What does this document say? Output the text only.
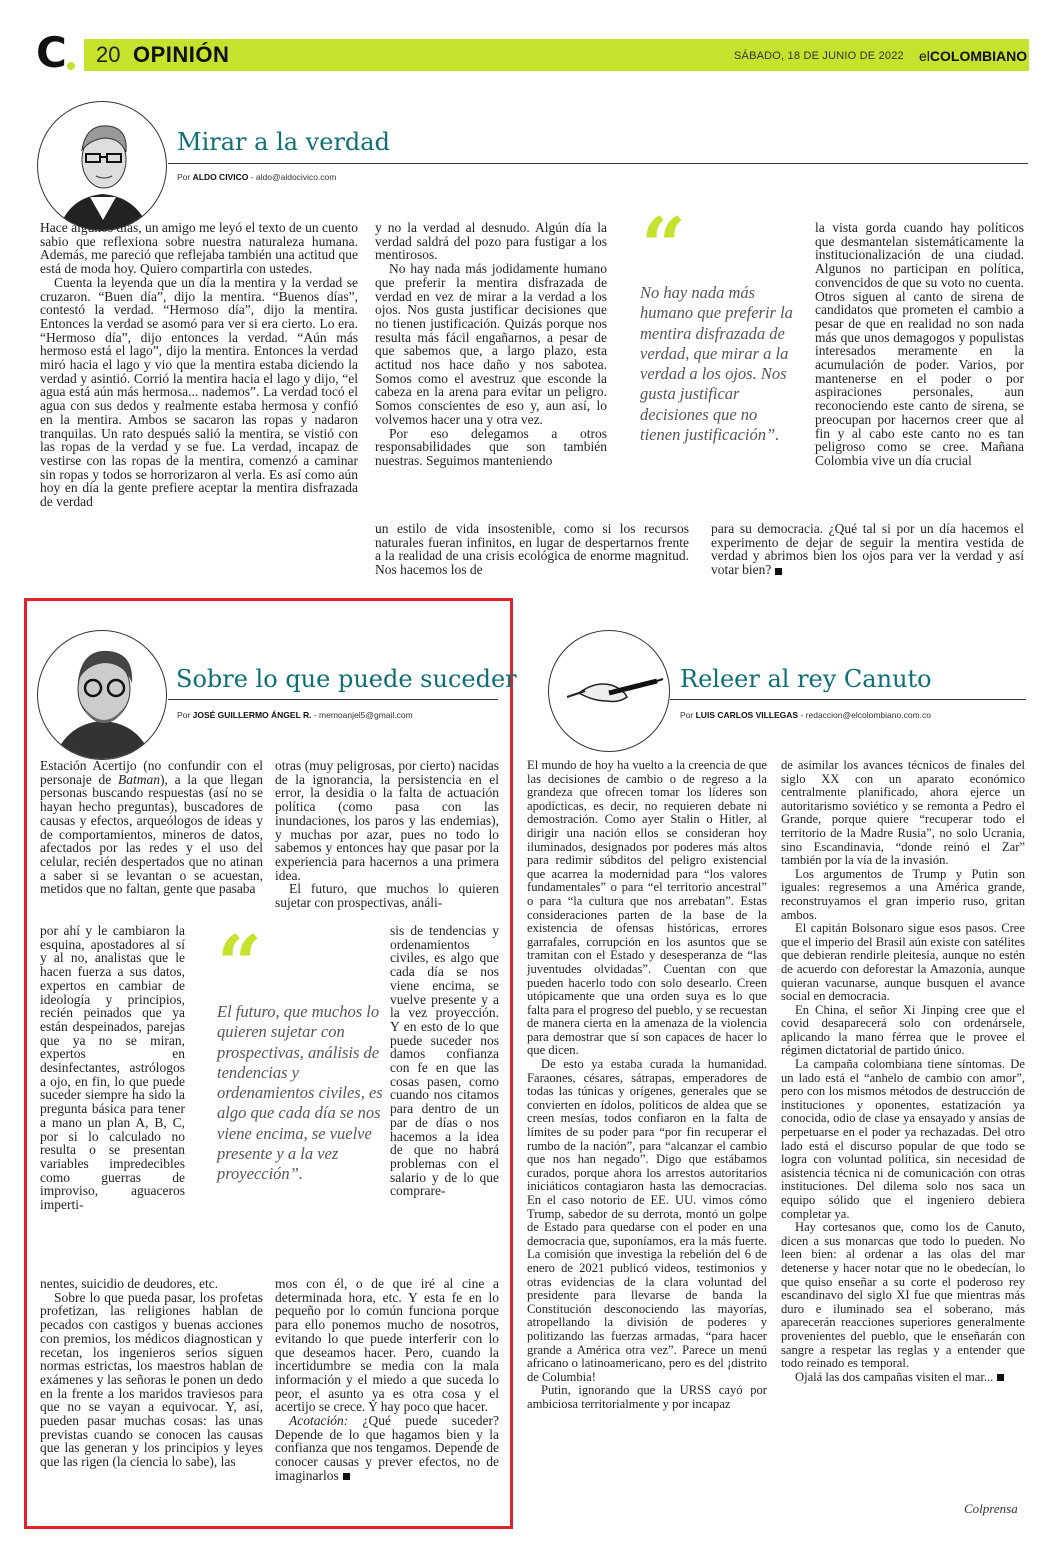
C 20 OPINIÓN	SÁBADO, 18 DE JUNIO DE 2022 elCOLOMBIANO
Mirar a la verdad
Por ALDO CIVICO - aldo@aldocivico.com

Hace algunos días, un amigo me leyó el texto de un cuento sabio que reflexiona sobre nuestra naturaleza humana. Además, me pareció que reflejaba también una actitud que está de moda hoy. Quiero compartirla con ustedes.

Cuenta la leyenda que un día la mentira y la verdad se cruzaron. “Buen día”, dijo la mentira. “Buenos días”, contestó la verdad. “Hermoso día”, dijo la mentira. Entonces la verdad se asomó para ver si era cierto. Lo era. “Hermoso día”, dijo entonces la verdad. “Aún más hermoso está el lago”, dijo la mentira. Entonces la verdad miró hacia el lago y vio que la mentira estaba diciendo la verdad y asintió. Corrió la mentira hacia el lago y dijo, “el agua está aún más hermosa... nademos”. La verdad tocó el agua con sus dedos y realmente estaba hermosa y confió en la mentira. Ambos se sacaron las ropas y nadaron tranquilas. Un rato después salió la mentira, se vistió con las ropas de la verdad y se fue. La verdad, incapaz de vestirse con las ropas de la mentira, comenzó a caminar sin ropas y todos se horrorizaron al verla. Es así como aún hoy en día la gente prefiere aceptar la mentira disfrazada de verdad

y no la verdad al desnudo. Algún día la verdad saldrá del pozo para fustigar a los mentirosos.

No hay nada más jodidamente humano que preferir la mentira disfrazada de verdad en vez de mirar a la verdad a los ojos. Nos gusta justificar decisiones que no tienen justificación. Quizás porque nos resulta más fácil engañarnos, a pesar de que sabemos que, a largo plazo, esta actitud nos hace daño y nos sabotea. Somos como el avestruz que esconde la cabeza en la arena para evitar un peligro. Somos conscientes de eso y, aun así, lo volvemos hacer una y otra vez.

Por eso delegamos a otros responsabilidades que son también nuestras. Seguimos manteniendo

un estilo de vida insostenible, como si los recursos naturales fueran infinitos, en lugar de despertarnos frente a la realidad de una crisis ecológica de enorme magnitud. Nos hacemos los de

“
No hay nada más humano que preferir la mentira disfrazada de verdad, que mirar a la verdad a los ojos. Nos gusta justificar decisiones que no tienen justificación”.

la vista gorda cuando hay políticos que desmantelan sistemáticamente la institucionalización de una ciudad. Algunos no participan en política, convencidos de que su voto no cuenta. Otros siguen al canto de sirena de candidatos que prometen el cambio a pesar de que en realidad no son nada más que unos demagogos y populistas interesados meramente en la acumulación de poder. Varios, por mantenerse en el poder o por aspiraciones personales, aun reconociendo este canto de sirena, se preocupan por hacernos creer que al fin y al cabo este canto no es tan peligroso como se cree. Mañana Colombia vive un día crucial

para su democracia. ¿Qué tal si por un día hacemos el experimento de dejar de seguir la mentira vestida de verdad y abrimos bien los ojos para ver la verdad y así votar bien?

Sobre lo que puede suceder
Por JOSÉ GUILLERMO ÁNGEL R. - memoanjel5@gmail.com

Estación Acertijo (no confundir con el personaje de Batman), a la que llegan personas buscando respuestas (así no se hayan hecho preguntas), buscadores de causas y efectos, arqueólogos de ideas y de comportamientos, mineros de datos, afectados por las redes y el uso del celular, recién despertados que no atinan a saber si se levantan o se acuestan, metidos que no faltan, gente que pasaba

por ahí y le cambiaron la esquina, apostadores al sí y al no, analistas que le hacen fuerza a sus datos, expertos en cambiar de ideología y principios, recién peinados que ya están despeinados, parejas que ya no se miran, expertos en desinfectantes, astrólogos a ojo, en fin, lo que puede suceder siempre ha sido la pregunta básica para tener a mano un plan A, B, C, por si lo calculado no resulta o se presentan variables impredecibles como guerras de improviso, aguaceros imperti-

nentes, suicidio de deudores, etc.

Sobre lo que pueda pasar, los profetas profetizan, las religiones hablan de pecados con castigos y buenas acciones con premios, los médicos diagnostican y recetan, los ingenieros serios siguen normas estrictas, los maestros hablan de exámenes y las señoras le ponen un dedo en la frente a los maridos traviesos para que no se vayan a equivocar. Y, así, pueden pasar muchas cosas: las unas previstas cuando se conocen las causas que las generan y los principios y leyes que las rigen (la ciencia lo sabe), las

otras (muy peligrosas, por cierto) nacidas de la ignorancia, la persistencia en el error, la desidia o la falta de actuación política (como pasa con las inundaciones, los paros y las endemias), y muchas por azar, pues no todo lo sabemos y entonces hay que pasar por la experiencia para hacernos a una primera idea.

El futuro, que muchos lo quieren sujetar con prospectivas, análi-

sis de tendencias y ordenamientos civiles, es algo que cada día se nos viene encima, se vuelve presente y a la vez proyección. Y en esto de lo que puede suceder nos damos confianza con fe en que las cosas pasen, como cuando nos citamos para dentro de un par de días o nos hacemos a la idea de que no habrá problemas con el salario y de lo que comprare-

mos con él, o de que iré al cine a determinada hora, etc. Y esta fe en lo pequeño por lo común funciona porque para ello ponemos mucho de nosotros, evitando lo que puede interferir con lo que deseamos hacer. Pero, cuando la incertidumbre se media con la mala información y el miedo a que suceda lo peor, el asunto ya es otra cosa y el acertijo se crece. Y hay poco que hacer.

Acotación: ¿Qué puede suceder? Depende de lo que hagamos bien y la confianza que nos tengamos. Depende de conocer causas y prever efectos, no de imaginarlos

“
El futuro, que muchos lo quieren sujetar con prospectivas, análisis de tendencias y ordenamientos civiles, es algo que cada día se nos viene encima, se vuelve presente y a la vez proyección”.
Releer al rey Canuto
Por LUIS CARLOS VILLEGAS - redaccion@elcolombiano.com.co

El mundo de hoy ha vuelto a la creencia de que las decisiones de cambio o de regreso a la grandeza que ofrecen tomar los líderes son apodícticas, es decir, no requieren debate ni demostración. Como ayer Stalin o Hitler, al dirigir una nación ellos se consideran hoy iluminados, designados por poderes más altos para redimir súbditos del peligro existencial que acarrea la modernidad para “los valores fundamentales” o para “el territorio ancestral” o para “la cultura que nos arrebatan”. Estas consideraciones parten de la base de la existencia de ofensas históricas, errores garrafales, corrupción en los asuntos que se tramitan con el Estado y desesperanza de “las juventudes olvidadas”. Cuentan con que pueden hacerlo todo con solo desearlo. Creen utópicamente que una orden suya es lo que falta para el progreso del pueblo, y se recuestan de manera cierta en la amenaza de la violencia para demostrar que sí son capaces de hacer lo que dicen.

De esto ya estaba curada la humanidad. Faraones, césares, sátrapas, emperadores de todas las túnicas y orígenes, generales que se convierten en ídolos, políticos de aldea que se creen mesías, todos confiaron en la falta de límites de su poder para “por fin recuperar el rumbo de la nación”, para “alcanzar el cambio que nos han negado”. Digo que estábamos curados, porque ahora los arrestos autoritarios iniciáticos contagiaron hasta las democracias. En el caso notorio de EE. UU. vimos cómo Trump, sabedor de su derrota, montó un golpe de Estado para quedarse con el poder en una democracia que, suponíamos, era la más fuerte. La comisión que investiga la rebelión del 6 de enero de 2021 publicó videos, testimonios y otras evidencias de la clara voluntad del presidente para llevarse de banda la Constitución desconociendo las mayorías, atropellando la división de poderes y politizando las fuerzas armadas, “para hacer grande a América otra vez”. Parece un menú africano o latinoamericano, pero es del ¡distrito de Columbia!

Putin, ignorando que la URSS cayó por ambiciosa territorialmente y por incapaz

de asimilar los avances técnicos de finales del siglo XX con un aparato económico centralmente planificado, ahora ejerce un autoritarismo soviético y se remonta a Pedro el Grande, porque quiere “recuperar todo el territorio de la Madre Rusia”, no solo Ucrania, sino Escandinavia, “donde reinó el Zar” también por la vía de la invasión.

Los argumentos de Trump y Putin son iguales: regresemos a una América grande, reconstruyamos el gran imperio ruso, gritan ambos.

El capitán Bolsonaro sigue esos pasos. Cree que el imperio del Brasil aún existe con satélites que debieran rendirle pleitesía, aunque no estén de acuerdo con deforestar la Amazonía, aunque quieran vacunarse, aunque busquen el avance social en democracia.

En China, el señor Xi Jinping cree que el covid desaparecerá solo con ordenársele, aplicando la mano férrea que le provee el régimen dictatorial de partido único.

La campaña colombiana tiene síntomas. De un lado está el “anhelo de cambio con amor”, pero con los mismos métodos de destrucción de instituciones y oponentes, estatización ya conocida, odio de clase ya ensayado y ansias de perpetuarse en el poder ya rechazadas. Del otro lado está el discurso popular de que todo se logra con voluntad política, sin necesidad de asistencia técnica ni de comunicación con otras instituciones. Del dilema solo nos saca un equipo sólido que el ingeniero debiera completar ya.

Hay cortesanos que, como los de Canuto, dicen a sus monarcas que todo lo pueden. No leen bien: al ordenar a las olas del mar detenerse y hacer notar que no le obedecían, lo que quiso enseñar a su corte el poderoso rey escandinavo del siglo XI fue que mientras más duro e iluminado sea el soberano, más aparecerán reacciones superiores generalmente provenientes del pueblo, que le enseñarán con sangre a respetar las reglas y a entender que todo reinado es temporal.

Ojalá las dos campañas visiten el mar...

Colprensa
